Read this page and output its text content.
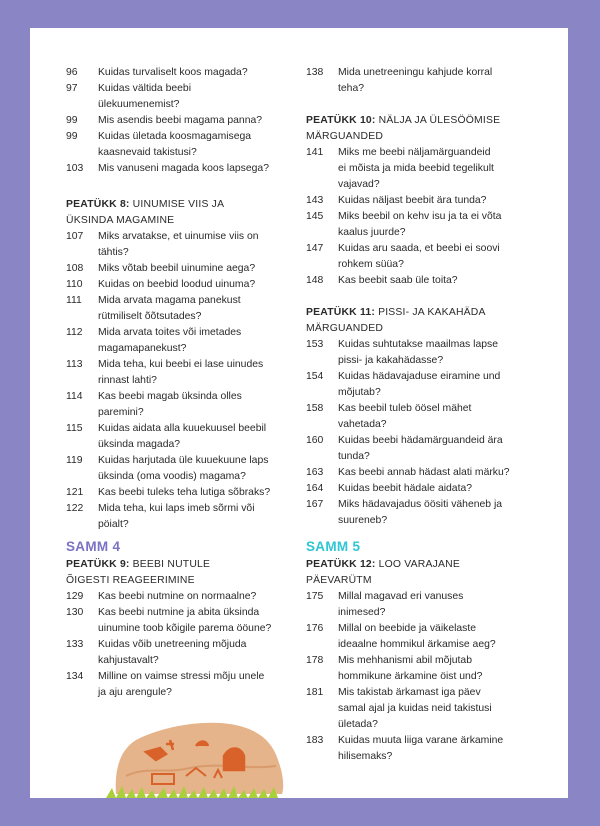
96	Kuidas turvaliselt koos magada?
97	Kuidas vältida beebi
ülekuumenemist?
99	Mis asendis beebi magama panna?
99	Kuidas ületada koosmagamisega
kaasnevaid takistusi?
103	Mis vanuseni magada koos lapsega?
PEATÜKK 8: UINUMISE VIIS JA
ÜKSINDA MAGAMINE
107	Miks arvatakse, et uinumise viis on
tähtis?
108	Miks võtab beebil uinumine aega?
110	Kuidas on beebid loodud uinuma?
111	Mida arvata magama panekust
rütmiliselt õõtsutades?
112	Mida arvata toites või imetades
magamapanekust?
113	Mida teha, kui beebi ei lase uinudes
rinnast lahti?
114	Kas beebi magab üksinda olles
paremini?
115	Kuidas aidata alla kuuekuusel beebil
üksinda magada?
119	Kuidas harjutada üle kuuekuune laps
üksinda (oma voodis) magama?
121	Kas beebi tuleks teha lutiga sõbraks?
122	Mida teha, kui laps imeb sõrmi või
pöialt?
SAMM 4
PEATÜKK 9: BEEBI NUTULE
ÕIGESTI REAGEERIMINE
129	Kas beebi nutmine on normaalne?
130	Kas beebi nutmine ja abita üksinda
uinumine toob kõigile parema ööune?
133	Kuidas võib unetreening mõjuda
kahjustavalt?
134	Milline on vaimse stressi mõju unele
ja aju arengule?
138	Mida unetreeningu kahjude korral
teha?
PEATÜKK 10: NÄLJA JA ÜLESÖÖMISE
MÄRGUANDED
141	Miks me beebi näljamärguandeid
ei mõista ja mida beebid tegelikult
vajavad?
143	Kuidas näljast beebit ära tunda?
145	Miks beebil on kehv isu ja ta ei võta
kaalus juurde?
147	Kuidas aru saada, et beebi ei soovi
rohkem süüa?
148	Kas beebit saab üle toita?
PEATÜKK 11: PISSI- JA KAKAHÄDA
MÄRGUANDED
153	Kuidas suhtutakse maailmas lapse
pissi- ja kakahädasse?
154	Kuidas hädavajaduse eiramine und
mõjutab?
158	Kas beebil tuleb öösel mähet
vahetada?
160	Kuidas beebi hädamärguandeid ära
tunda?
163	Kas beebi annab hädast alati märku?
164	Kuidas beebit hädale aidata?
167	Miks hädavajadus öösiti väheneb ja
suureneb?
SAMM 5
PEATÜKK 12: LOO VARAJANE
PÄEVARÜTM
175	Millal magavad eri vanuses
inimesed?
176	Millal on beebide ja väikelaste
ideaalne hommikul ärkamise aeg?
178	Mis mehhanismi abil mõjutab
hommikune ärkamine öist und?
181	Mis takistab ärkamast iga päev
samal ajal ja kuidas neid takistusi
ületada?
183	Kuidas muuta liiga varane ärkamine
hilisemaks?
